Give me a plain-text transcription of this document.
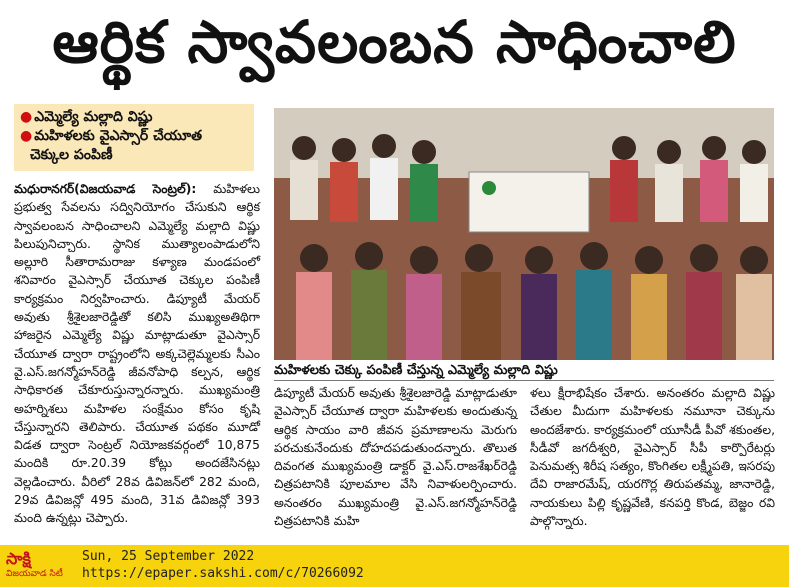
ఆర్థిక స్వావలంబన సాధించాలి
● ఎమ్మెల్యే మల్లాది విష్ణు
● మహిళలకు వైఎస్సార్ చేయూత
చెక్కుల పంపిణీ

మధురానగర్(విజయవాడ సెంట్రల్): మహిళలు ప్రభుత్వ సేవలను సద్వినియోగం చేసుకుని ఆర్థిక స్వావలంబన సాధించాలని ఎమ్మెల్యే మల్లాది విష్ణు పిలుపునిచ్చారు. స్థానిక ముత్యాలంపాడులోని అల్లూరి సీతారామరాజు కళ్యాణ మండపంలో శనివారం వైఎస్సార్ చేయూత చెక్కుల పంపిణీ కార్యక్రమం నిర్వహించారు. డిప్యూటీ మేయర్ అవుతు శ్రీశైలజారెడ్డితో కలిసి ముఖ్యఅతిథిగా హాజరైన ఎమ్మెల్యే విష్ణు మాట్లాడుతూ వైఎస్సార్ చేయూత ద్వారా రాష్ట్రంలోని అక్కచెల్లెమ్మలకు సీఎం వై.ఎస్.జగన్మోహన్‌రెడ్డి జీవనోపాధి కల్పన, ఆర్థిక సాధికారత చేకూరుస్తున్నారన్నారు. ముఖ్యమంత్రి అహర్నిశలు మహిళల సంక్షేమం కోసం కృషి చేస్తున్నారని తెలిపారు. చేయూత పథకం మూడో విడత ద్వారా సెంట్రల్ నియోజకవర్గంలో 10,875 మందికి రూ.20.39 కోట్లు అందజేసినట్లు వెల్లడించారు. వీరిలో 28వ డివిజన్‌లో 282 మంది, 29వ డివిజన్లో 495 మంది, 31వ డివిజన్లో 393 మంది ఉన్నట్లు చెప్పారు.

మహిళలకు చెక్కు పంపిణీ చేస్తున్న ఎమ్మెల్యే మల్లాది విష్ణు

డిప్యూటీ మేయర్ అవుతు శ్రీశైలజారెడ్డి మాట్లాడుతూ వైఎస్సార్ చేయూత ద్వారా మహిళలకు అందుతున్న ఆర్థిక సాయం వారి జీవన ప్రమాణాలను మెరుగు పరచుకునేందుకు దోహదపడుతుందన్నారు. తొలుత దివంగత ముఖ్యమంత్రి డాక్టర్ వై.ఎస్.రాజశేఖర్‌రెడ్డి చిత్రపటానికి పూలమాల వేసి నివాళులర్పించారు. అనంతరం ముఖ్యమంత్రి వై.ఎస్.జగన్మోహన్‌రెడ్డి చిత్రపటానికి మహి

ళలు క్షీరాభిషేకం చేశారు. అనంతరం మల్లాది విష్ణు చేతుల మీదుగా మహిళలకు నమూనా చెక్కును అందజేశారు. కార్యక్రమంలో యూసీడీ పీవో శకుంతల, సీడీవో జగదీశ్వరి, వైఎస్సార్ సీపీ కార్పొరేటర్లు పెనుమత్స శిరీష సత్యం, కొంగితల లక్ష్మీపతి, ఇసరపు దేవి రాజారమేష్, యరగొర్ల తిరుపతమ్మ, జానారెడ్డి, నాయకులు పిల్లి కృష్ణవేణి, కనపర్తి కొండ, బెజ్జం రవి పాల్గొన్నారు.

సాక్షి
విజయవాడ సిటీ
Sun, 25 September 2022
https://epaper.sakshi.com/c/70266092
